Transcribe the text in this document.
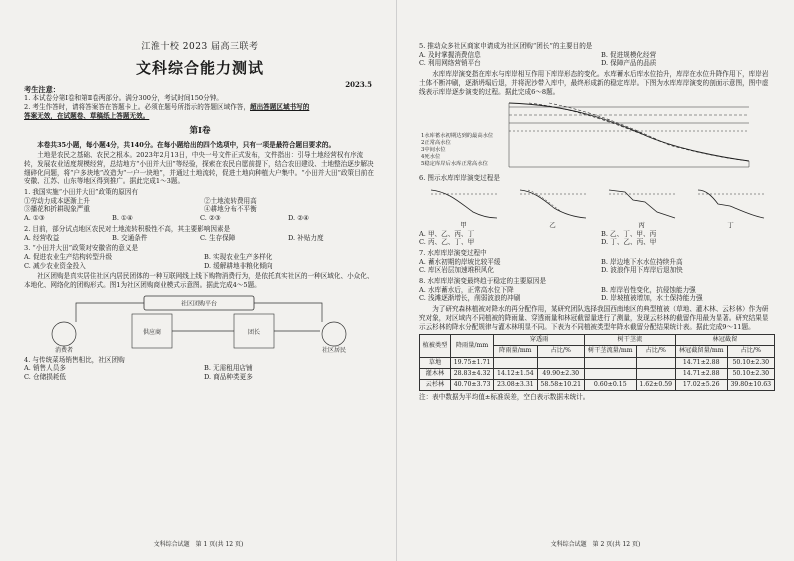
江淮十校 2023 届高三联考

文科综合能力测试

2023.5

考生注意：

1. 本试卷分第Ⅰ卷和第Ⅱ卷两部分。满分300分，考试时间150分钟。

2. 考生作答时，请将答案答在答题卡上。必须在题号所指示的答题区域作答，超出答题区域书写的

答案无效，在试题卷、草稿纸上答题无效。

第Ⅰ卷

本卷共35小题，每小题4分，共140分。在每小题给出的四个选项中，只有一项是最符合题目要求的。

土地是农民之基础、农民之根本。2023年2月13日，中央一号文件正式发布，文件指出：引导土地经营权有序流转，发展农业适度规模经营，总结地方“小田并大田”等经验，探索在农民自愿前提下，结合农田建设、土地整治逐步解决细碎化问题，将“户多块地”改造为“一户一块地”，并通过土地流转，促进土地向种植大户集中。“小田并大田”政策目前在安徽、江苏、山东等地区得到推广。据此完成1～3题。

1. 我国实施“小田并大田”政策的原因有

①劳动力成本逐渐上升	②土地流转费用高
③播花和折耕现象严重	④耕地分布不平衡
A. ①③	B. ①④	C. ②③	D. ②④

2. 目前，部分试点地区农民对土地流转积极性不高，其主要影响因素是

A. 经营收益	B. 交通条件	C. 生存保障	D. 补贴力度

3. “小田并大田”政策对安徽省的意义是

A. 促进农业生产结构转型升级	B. 实现农业生产多样化
C. 减少农业资金投入	D. 缓解耕地非粮化倾向

社区团购是真实居住社区内居民团体的一种互联网线上线下购物消费行为，是依托真实社区的一种区域化、小众化、本地化、网络化的团购形式。图1为社区团购商业模式示意图。据此完成4～5题。

社区团购平台
供应商	团长
消费者	社区居民

4. 与传统菜场销售相比，社区团购

A. 销售人员多	B. 无需租用店铺
C. 仓储损耗低	D. 商品种类更多

文科综合试题　第 1 页(共 12 页)

5. 推动众多社区商家申请成为社区团购“团长”的主要目的是

A. 及时掌握消费信息	B. 促进规模化经营
C. 利用网络营销平台	D. 保障产品的品质

水库库岸演变指在库水与库岸相互作用下库岸形态的变化。水库蓄水后库水位抬升，库岸在水位升降作用下，库岸岩土体不断冲刷，逐渐坍塌后退，并将泥沙带入库中，最终形成新的稳定库岸。下图为水库库岸演变的剖面示意图，图中虚线表示库岸逐步演变的过程。据此完成6～8题。

1水库蓄水初期达到的最高水位
2正常高水位
3中间水位
4死水位
5稳定库岸后水库正常高水位

6. 图示水库库岸演变过程是

甲	乙	丙	丁
A. 甲、乙、丙、丁	B. 乙、丁、甲、丙
C. 丙、乙、丁、甲	D. 丁、乙、丙、甲

7. 水库库岸演变过程中

A. 蓄水初期的岸坡比较平缓	B. 岸边地下水水位持续升高
C. 库区岩层加速堆积风化	D. 波浪作用下库岸后退加快

8. 水库库岸演变最终趋于稳定的主要原因是

A. 水库蓄水后，正常高水位下降	B. 库岸岩性变化，抗侵蚀能力强
C. 浅滩逐渐增长，削弱波浪的冲刷	D. 岸坡植被增加，水土保持能力强

为了研究森林植被对降水的再分配作用，某研究团队选择我国西南地区的典型植被（草地、灌木林、云杉林）作为研究对象，对区域内不同植被的降雨量、穿透雨量和林冠截留量进行了测量，发现云杉林的截留作用最为显著。研究结果显示云杉林的降水分配规律与灌木林明显不同。下表为不同植被类型年降水截留分配结果统计表。据此完成9～11题。

植被类型	降雨量/mm	穿透雨		树干茎流		林冠截留	
		降雨量/mm	占比/%	树干茎流量/mm	占比/%	林冠截留量/mm	占比/%
草地	19.75±1.71					14.71±2.88	50.10±2.30
灌木林	28.83±4.32	14.12±1.54	49.90±2.30			14.71±2.88	50.10±2.30
云杉林	40.70±3.73	23.08±3.31	58.58±10.21	0.60±0.15	1.62±0.59	17.02±5.26	39.80±10.63

注：表中数据为平均值±标准误差，空白表示数据未统计。

文科综合试题　第 2 页(共 12 页)
